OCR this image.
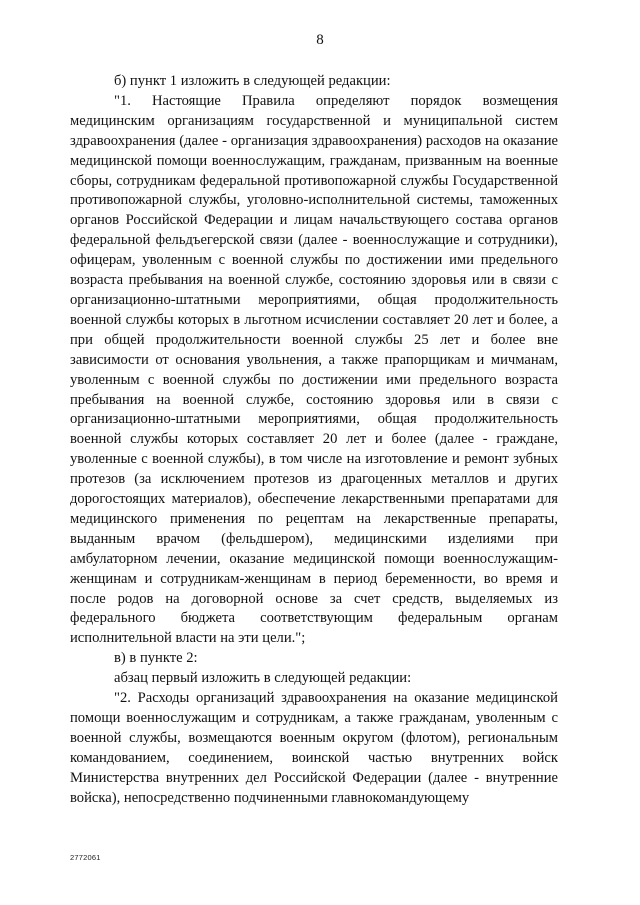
8

б) пункт 1 изложить в следующей редакции:

"1. Настоящие Правила определяют порядок возмещения медицинским организациям государственной и муниципальной систем здравоохранения (далее - организация здравоохранения) расходов на оказание медицинской помощи военнослужащим, гражданам, призванным на военные сборы, сотрудникам федеральной противопожарной службы Государственной противопожарной службы, уголовно-исполнительной системы, таможенных органов Российской Федерации и лицам начальствующего состава органов федеральной фельдъегерской связи (далее - военнослужащие и сотрудники), офицерам, уволенным с военной службы по достижении ими предельного возраста пребывания на военной службе, состоянию здоровья или в связи с организационно-штатными мероприятиями, общая продолжительность военной службы которых в льготном исчислении составляет 20 лет и более, а при общей продолжительности военной службы 25 лет и более вне зависимости от основания увольнения, а также прапорщикам и мичманам, уволенным с военной службы по достижении ими предельного возраста пребывания на военной службе, состоянию здоровья или в связи с организационно-штатными мероприятиями, общая продолжительность военной службы которых составляет 20 лет и более (далее - граждане, уволенные с военной службы), в том числе на изготовление и ремонт зубных протезов (за исключением протезов из драгоценных металлов и других дорогостоящих материалов), обеспечение лекарственными препаратами для медицинского применения по рецептам на лекарственные препараты, выданным врачом (фельдшером), медицинскими изделиями при амбулаторном лечении, оказание медицинской помощи военнослужащим-женщинам и сотрудникам-женщинам в период беременности, во время и после родов на договорной основе за счет средств, выделяемых из федерального бюджета соответствующим федеральным органам исполнительной власти на эти цели.";

в) в пункте 2:

абзац первый изложить в следующей редакции:

"2. Расходы организаций здравоохранения на оказание медицинской помощи военнослужащим и сотрудникам, а также гражданам, уволенным с военной службы, возмещаются военным округом (флотом), региональным командованием, соединением, воинской частью внутренних войск Министерства внутренних дел Российской Федерации (далее - внутренние войска), непосредственно подчиненными главнокомандующему

2772061
